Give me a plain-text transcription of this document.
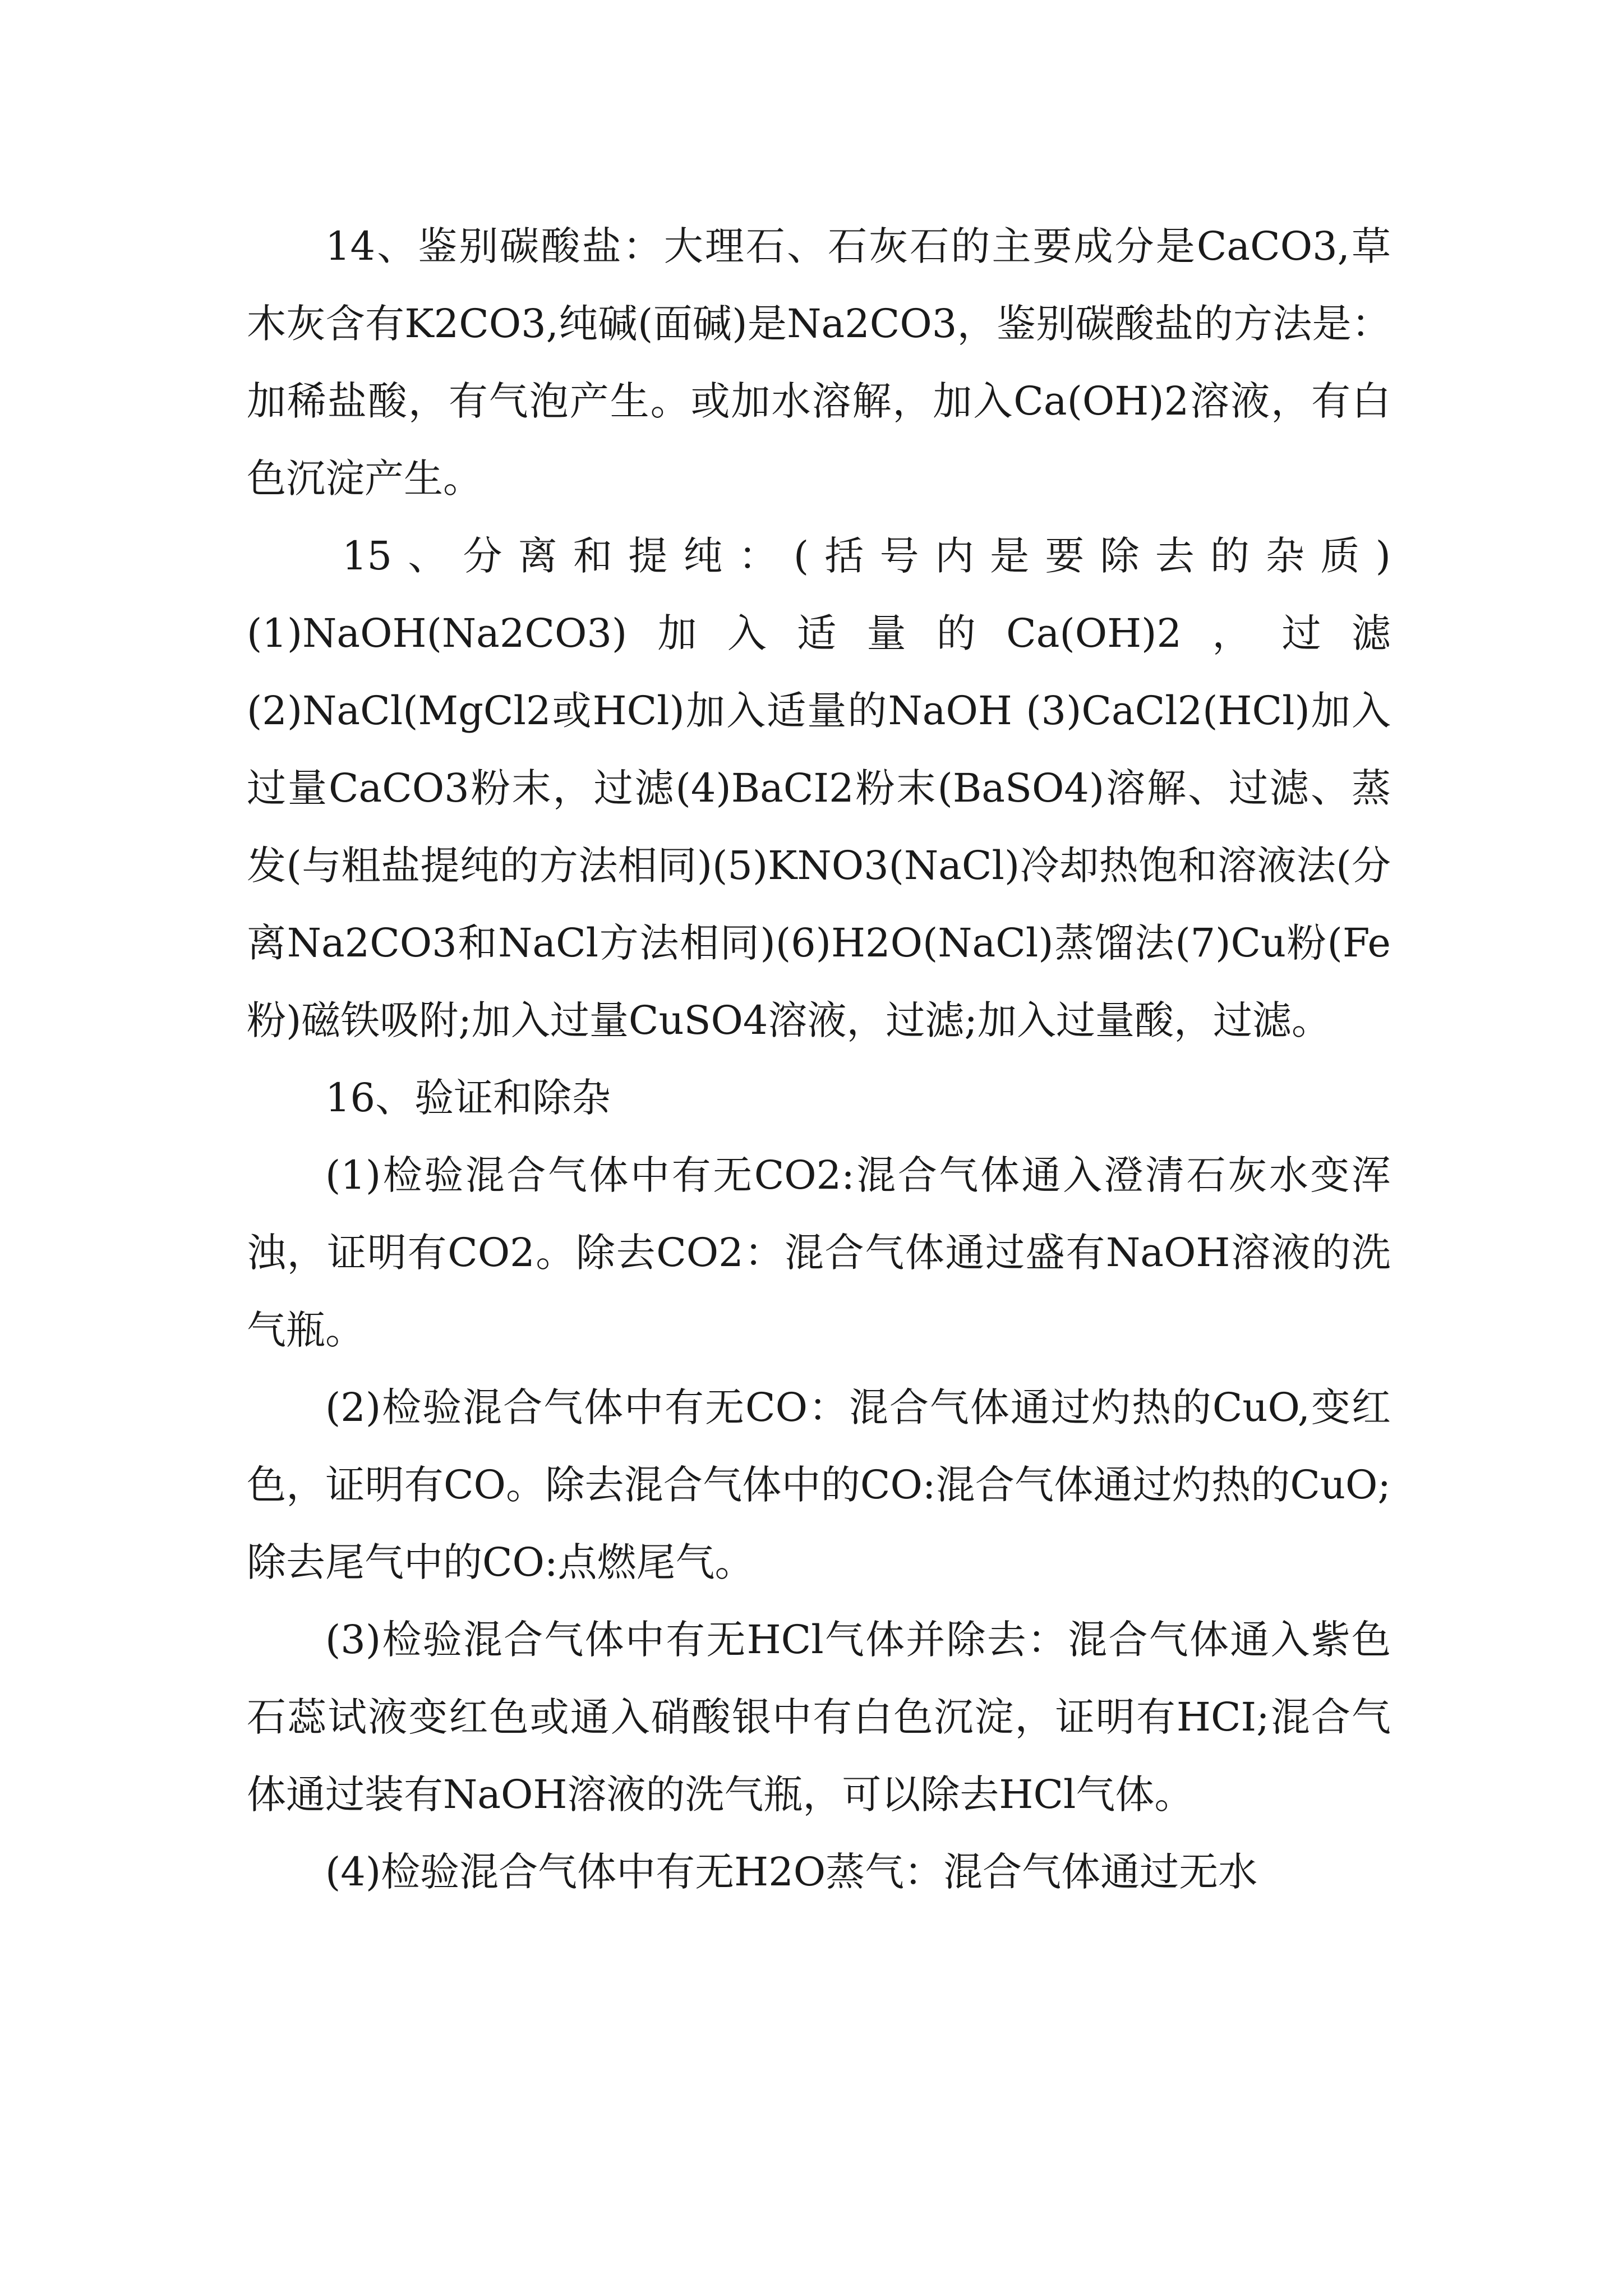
14、鉴别碳酸盐：大理石、石灰石的主要成分是CaCO3,草木灰含有K2CO3,纯碱(面碱)是Na2CO3，鉴别碳酸盐的方法是：加稀盐酸，有气泡产生。或加水溶解，加入Ca(OH)2溶液，有白色沉淀产生。

15、分离和提纯：(括号内是要除去的杂质)(1)NaOH(Na2CO3)加入适量的Ca(OH)2，过滤(2)NaCl(MgCl2或HCl)加入适量的NaOH (3)CaCl2(HCl)加入过量CaCO3粉末，过滤(4)BaCI2粉末(BaSO4)溶解、过滤、蒸发(与粗盐提纯的方法相同)(5)KNO3(NaCl)冷却热饱和溶液法(分离Na2CO3和NaCl方法相同)(6)H2O(NaCl)蒸馏法(7)Cu粉(Fe粉)磁铁吸附;加入过量CuSO4溶液，过滤;加入过量酸，过滤。

16、验证和除杂

(1)检验混合气体中有无CO2:混合气体通入澄清石灰水变浑浊，证明有CO2。除去CO2：混合气体通过盛有NaOH溶液的洗气瓶。

(2)检验混合气体中有无CO：混合气体通过灼热的CuO,变红色，证明有CO。除去混合气体中的CO:混合气体通过灼热的CuO;除去尾气中的CO:点燃尾气。

(3)检验混合气体中有无HCl气体并除去：混合气体通入紫色石蕊试液变红色或通入硝酸银中有白色沉淀，证明有HCI;混合气体通过装有NaOH溶液的洗气瓶，可以除去HCl气体。

(4)检验混合气体中有无H2O蒸气：混合气体通过无水
